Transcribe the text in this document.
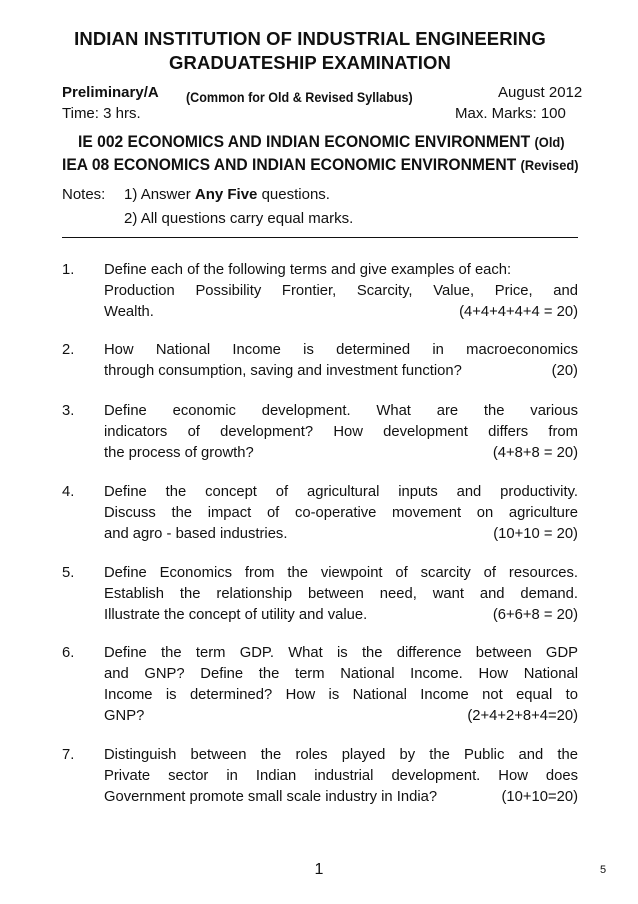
INDIAN INSTITUTION OF INDUSTRIAL ENGINEERING
GRADUATESHIP EXAMINATION
Preliminary/A (Common for Old & Revised Syllabus)	August 2012
Time: 3 hrs.	Max. Marks: 100
IE 002 ECONOMICS AND INDIAN ECONOMIC ENVIRONMENT (Old)
IEA 08 ECONOMICS AND INDIAN ECONOMIC ENVIRONMENT (Revised)
Notes: 1) Answer Any Five questions.
2) All questions carry equal marks.
1. Define each of the following terms and give examples of each:
Production Possibility Frontier, Scarcity, Value, Price, and
Wealth.	(4+4+4+4+4 = 20)
2. How National Income is determined in macroeconomics
through consumption, saving and investment function?	(20)
3. Define economic development. What are the various
indicators of development? How development differs from
the process of growth?	(4+8+8 = 20)
4. Define the concept of agricultural inputs and productivity.
Discuss the impact of co-operative movement on agriculture
and agro - based industries.	(10+10 = 20)
5. Define Economics from the viewpoint of scarcity of resources.
Establish the relationship between need, want and demand.
Illustrate the concept of utility and value.	(6+6+8 = 20)
6. Define the term GDP. What is the difference between GDP
and GNP? Define the term National Income. How National
Income is determined? How is National Income not equal to
GNP?	(2+4+2+8+4=20)
7. Distinguish between the roles played by the Public and the
Private sector in Indian industrial development. How does
Government promote small scale industry in India?	(10+10=20)
1	5
